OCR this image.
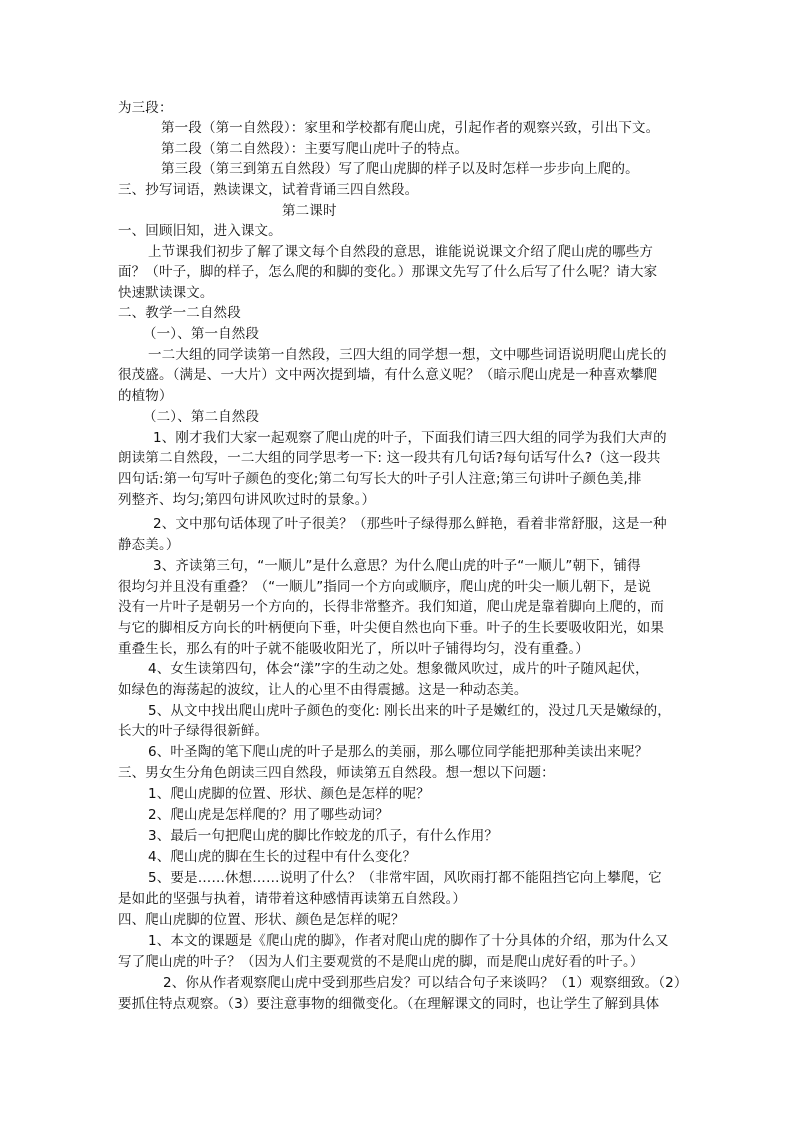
为三段：
第一段（第一自然段）：家里和学校都有爬山虎，引起作者的观察兴致，引出下文。
第二段（第二自然段）：主要写爬山虎叶子的特点。
第三段（第三到第五自然段）写了爬山虎脚的样子以及时怎样一步步向上爬的。
三、抄写词语，熟读课文，试着背诵三四自然段。
第二课时
一、回顾旧知，进入课文。
上节课我们初步了解了课文每个自然段的意思，谁能说说课文介绍了爬山虎的哪些方
面？（叶子，脚的样子，怎么爬的和脚的变化。）那课文先写了什么后写了什么呢？请大家
快速默读课文。
二、教学一二自然段
（一）、第一自然段
一二大组的同学读第一自然段，三四大组的同学想一想，文中哪些词语说明爬山虎长的
很茂盛。（满是、一大片）文中两次提到墙，有什么意义呢？（暗示爬山虎是一种喜欢攀爬
的植物）
（二）、第二自然段
1、刚才我们大家一起观察了爬山虎的叶子，下面我们请三四大组的同学为我们大声的
朗读第二自然段，一二大组的同学思考一下: 这一段共有几句话?每句话写什么?（这一段共
四句话:第一句写叶子颜色的变化;第二句写长大的叶子引人注意;第三句讲叶子颜色美,排
列整齐、均匀;第四句讲风吹过时的景象。）
2、文中那句话体现了叶子很美？（那些叶子绿得那么鲜艳，看着非常舒服，这是一种
静态美。）
3、齐读第三句，“一顺儿”是什么意思？为什么爬山虎的叶子“一顺儿”朝下，铺得
很均匀并且没有重叠？（“一顺儿”指同一个方向或顺序，爬山虎的叶尖一顺儿朝下，是说
没有一片叶子是朝另一个方向的，长得非常整齐。我们知道，爬山虎是靠着脚向上爬的，而
与它的脚相反方向长的叶柄便向下垂，叶尖便自然也向下垂。叶子的生长要吸收阳光，如果
重叠生长，那么有的叶子就不能吸收阳光了，所以叶子铺得均匀，没有重叠。）
4、女生读第四句，体会“漾”字的生动之处。想象微风吹过，成片的叶子随风起伏，
如绿色的海荡起的波纹，让人的心里不由得震撼。这是一种动态美。
5、从文中找出爬山虎叶子颜色的变化: 刚长出来的叶子是嫩红的，没过几天是嫩绿的，
长大的叶子绿得很新鲜。
6、叶圣陶的笔下爬山虎的叶子是那么的美丽，那么哪位同学能把那种美读出来呢？
三、男女生分角色朗读三四自然段，师读第五自然段。想一想以下问题：
1、爬山虎脚的位置、形状、颜色是怎样的呢？
2、爬山虎是怎样爬的？用了哪些动词？
3、最后一句把爬山虎的脚比作蛟龙的爪子，有什么作用？
4、爬山虎的脚在生长的过程中有什么变化？
5、要是……休想……说明了什么？（非常牢固，风吹雨打都不能阻挡它向上攀爬，它
是如此的坚强与执着，请带着这种感情再读第五自然段。）
四、爬山虎脚的位置、形状、颜色是怎样的呢？
1、本文的课题是《爬山虎的脚》，作者对爬山虎的脚作了十分具体的介绍，那为什么又
写了爬山虎的叶子？（因为人们主要观赏的不是爬山虎的脚，而是爬山虎好看的叶子。）
2、你从作者观察爬山虎中受到那些启发？可以结合句子来谈吗？（1）观察细致。（2）
要抓住特点观察。（3）要注意事物的细微变化。（在理解课文的同时，也让学生了解到具体
